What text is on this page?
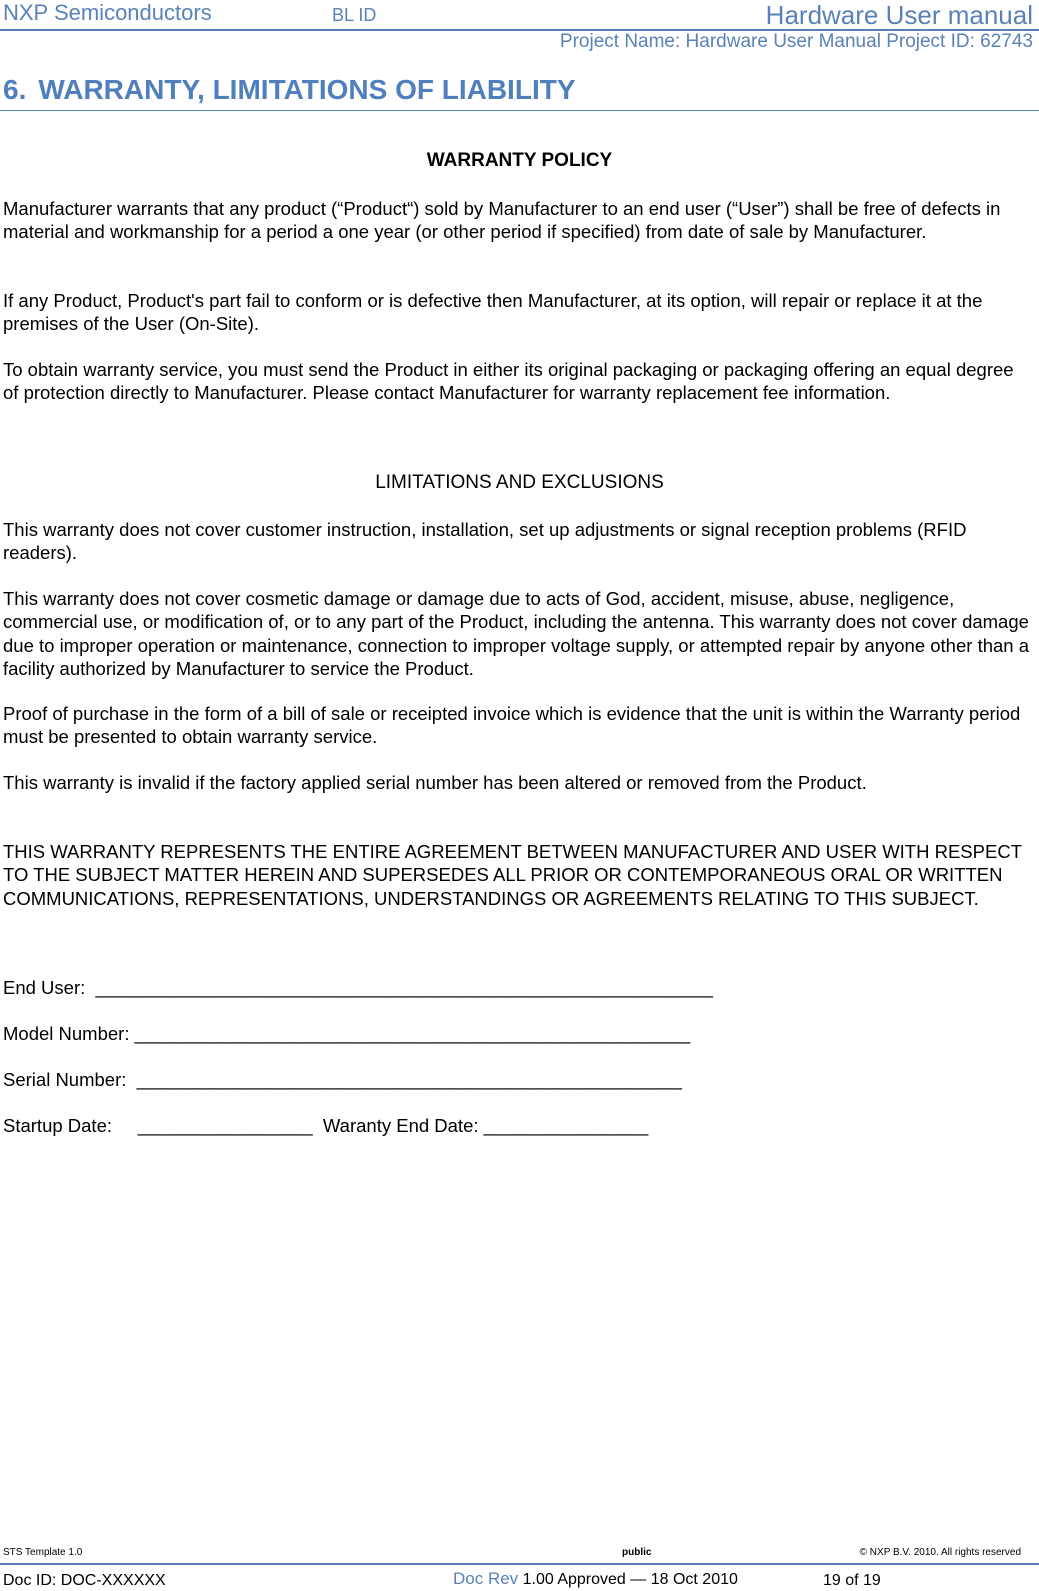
NXP Semiconductors	BL ID	Hardware User manual
Project Name: Hardware User Manual Project ID: 62743
6. WARRANTY, LIMITATIONS OF LIABILITY
WARRANTY POLICY

Manufacturer warrants that any product (“Product“) sold by Manufacturer to an end user (“User”) shall be free of defects in material and workmanship for a period a one year (or other period if specified) from date of sale by Manufacturer.

If any Product, Product's part fail to conform or is defective then Manufacturer, at its option, will repair or replace it at the premises of the User (On-Site).

To obtain warranty service, you must send the Product in either its original packaging or packaging offering an equal degree of protection directly to Manufacturer. Please contact Manufacturer for warranty replacement fee information.

LIMITATIONS AND EXCLUSIONS

This warranty does not cover customer instruction, installation, set up adjustments or signal reception problems (RFID readers).

This warranty does not cover cosmetic damage or damage due to acts of God, accident, misuse, abuse, negligence, commercial use, or modification of, or to any part of the Product, including the antenna. This warranty does not cover damage due to improper operation or maintenance, connection to improper voltage supply, or attempted repair by anyone other than a facility authorized by Manufacturer to service the Product.

Proof of purchase in the form of a bill of sale or receipted invoice which is evidence that the unit is within the Warranty period must be presented to obtain warranty service.

This warranty is invalid if the factory applied serial number has been altered or removed from the Product.

THIS WARRANTY REPRESENTS THE ENTIRE AGREEMENT BETWEEN MANUFACTURER AND USER WITH RESPECT TO THE SUBJECT MATTER HEREIN AND SUPERSEDES ALL PRIOR OR CONTEMPORANEOUS ORAL OR WRITTEN COMMUNICATIONS, REPRESENTATIONS, UNDERSTANDINGS OR AGREEMENTS RELATING TO THIS SUBJECT.

End User:  ____________________________________________________________
Model Number: ______________________________________________________
Serial Number:  _____________________________________________________
Startup Date:     _________________  Waranty End Date: ________________
STS Template 1.0	public	© NXP B.V. 2010. All rights reserved
Doc ID: DOC-XXXXXX	Doc Rev 1.00 Approved — 18 Oct 2010	19 of 19
